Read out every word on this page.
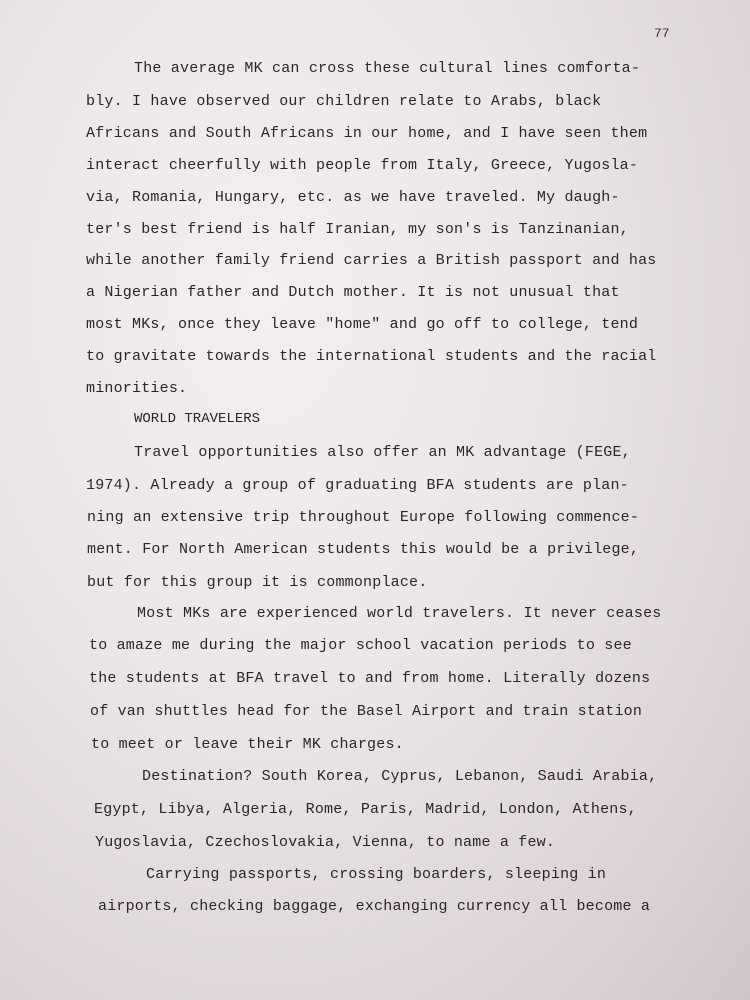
77
The average MK can cross these cultural lines comforta-
bly. I have observed our children relate to Arabs, black
Africans and South Africans in our home, and I have seen them
interact cheerfully with people from Italy, Greece, Yugosla-
via, Romania, Hungary, etc. as we have traveled. My daugh-
ter's best friend is half Iranian, my son's is Tanzinanian,
while another family friend carries a British passport and has
a Nigerian father and Dutch mother. It is not unusual that
most MKs, once they leave "home" and go off to college, tend
to gravitate towards the international students and the racial
minorities.
WORLD TRAVELERS
Travel opportunities also offer an MK advantage (FEGE,
1974). Already a group of graduating BFA students are plan-
ning an extensive trip throughout Europe following commence-
ment. For North American students this would be a privilege,
but for this group it is commonplace.
Most MKs are experienced world travelers. It never ceases
to amaze me during the major school vacation periods to see
the students at BFA travel to and from home. Literally dozens
of van shuttles head for the Basel Airport and train station
to meet or leave their MK charges.
Destination? South Korea, Cyprus, Lebanon, Saudi Arabia,
Egypt, Libya, Algeria, Rome, Paris, Madrid, London, Athens,
Yugoslavia, Czechoslovakia, Vienna, to name a few.
Carrying passports, crossing boarders, sleeping in
airports, checking baggage, exchanging currency all become a
